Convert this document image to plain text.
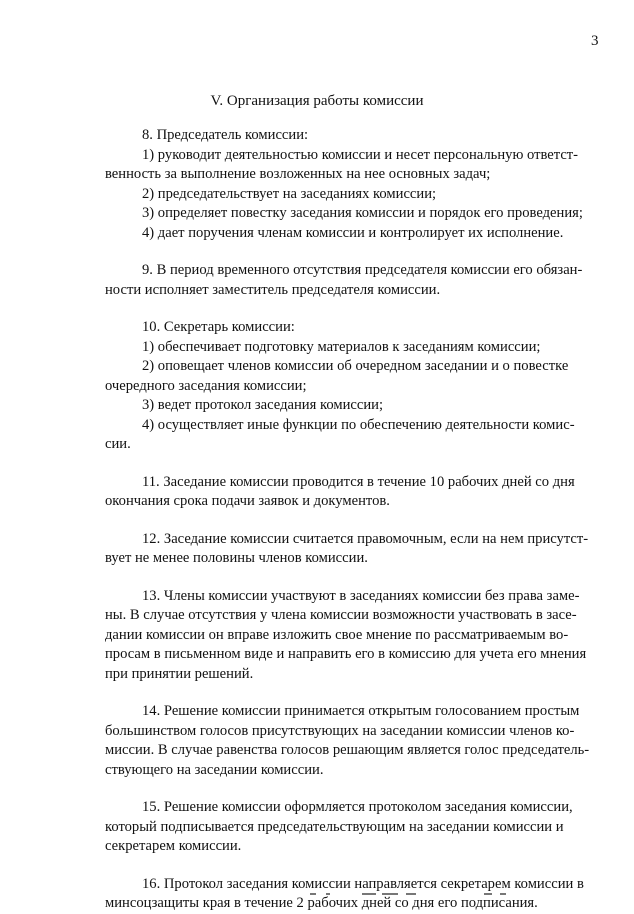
3
V. Организация работы комиссии
8. Председатель комиссии:
1) руководит деятельностью комиссии и несет персональную ответст-
венность за выполнение возложенных на нее основных задач;
2) председательствует на заседаниях комиссии;
3) определяет повестку заседания комиссии и порядок его проведения;
4) дает поручения членам комиссии и контролирует их исполнение.
9. В период временного отсутствия председателя комиссии его обязан-
ности исполняет заместитель председателя комиссии.
10. Секретарь комиссии:
1) обеспечивает подготовку материалов к заседаниям комиссии;
2) оповещает членов комиссии об очередном заседании и о повестке
очередного заседания комиссии;
3) ведет протокол заседания комиссии;
4) осуществляет иные функции по обеспечению деятельности комис-
сии.
11. Заседание комиссии проводится в течение 10 рабочих дней со дня
окончания срока подачи заявок и документов.
12. Заседание комиссии считается правомочным, если на нем присутст-
вует не менее половины членов комиссии.
13. Члены комиссии участвуют в заседаниях комиссии без права заме-
ны. В случае отсутствия у члена комиссии возможности участвовать в засе-
дании комиссии он вправе изложить свое мнение по рассматриваемым во-
просам в письменном виде и направить его в комиссию для учета его мнения
при принятии решений.
14. Решение комиссии принимается открытым голосованием простым
большинством голосов присутствующих на заседании комиссии членов ко-
миссии. В случае равенства голосов решающим является голос председатель-
ствующего на заседании комиссии.
15. Решение комиссии оформляется протоколом заседания комиссии,
который подписывается председательствующим на заседании комиссии и
секретарем комиссии.
16. Протокол заседания комиссии направляется секретарем комиссии в
минсоцзащиты края в течение 2 рабочих дней со дня его подписания.
